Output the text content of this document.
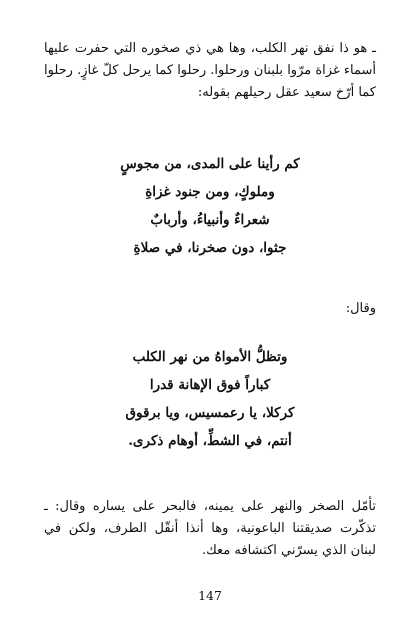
ـ هو ذا نفق نهر الكلب، وها هي ذي صخوره التي حفرت عليها أسماء غزاة مرّوا بلبنان ورحلوا. رحلوا كما يرحل كلّ غازٍ. رحلوا كما أرّخ سعيد عقل رحيلهم بقوله:

كم رأينا على المدى، من مجوسٍ
وملوكٍ، ومن جنود غزاةِ
شعراءٌ وأنبياءُ، وأربابٌ
جثوا، دون صخرنا، في صلاةِ
وقال:
وتظلُّ الأمواهُ من نهر الكلب
كباراً فوق الإهانة قدرا
كركلا، يا رعمسيس، ويا برقوق
أنتم، في الشطِّ، أوهام ذكرى.

تأمّل الصخر والنهر على يمينه، فالبحر على يساره وقال: ـ تذكّرت صديقتنا الباعونية، وها أنذا أنقّل الطرف، ولكن في لبنان الذي يسرّني اكتشافه معك.

147
